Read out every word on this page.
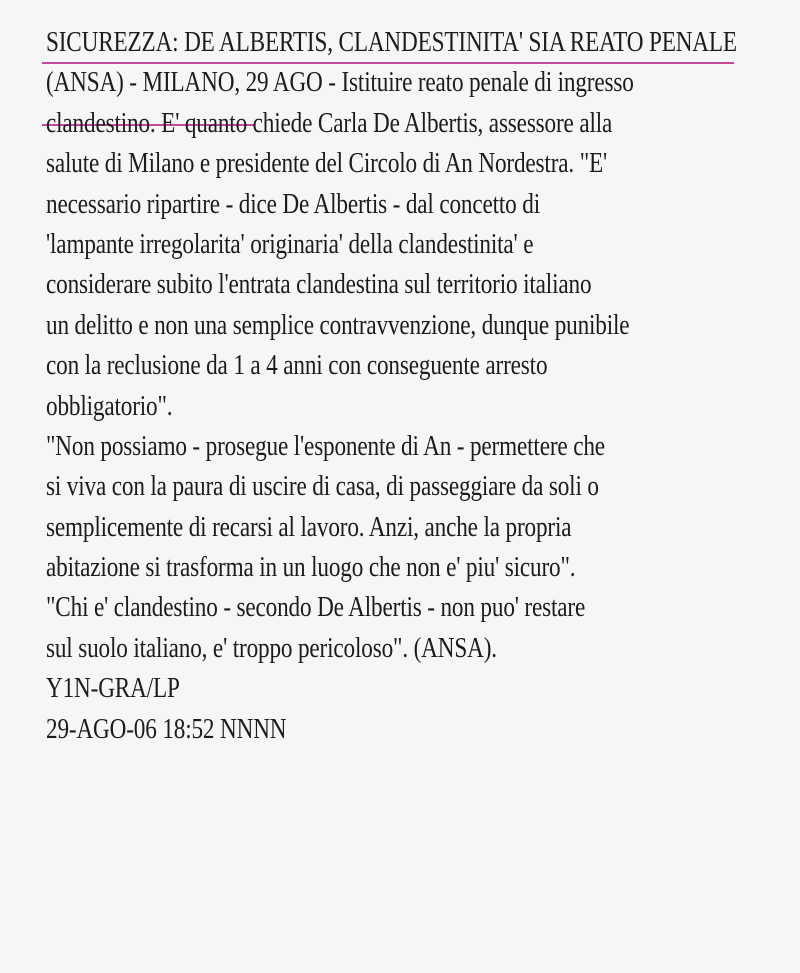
SICUREZZA: DE ALBERTIS, CLANDESTINITA' SIA REATO PENALE
(ANSA) - MILANO, 29 AGO - Istituire reato penale di ingresso
clandestino. E' quanto chiede Carla De Albertis, assessore alla
salute di Milano e presidente del Circolo di An Nordestra. "E'
necessario ripartire - dice De Albertis - dal concetto di
'lampante irregolarita' originaria' della clandestinita' e
considerare subito l'entrata clandestina sul territorio italiano
un delitto e non una semplice contravvenzione, dunque punibile
con la reclusione da 1 a 4 anni con conseguente arresto
obbligatorio".
"Non possiamo - prosegue l'esponente di An - permettere che
si viva con la paura di uscire di casa, di passeggiare da soli o
semplicemente di recarsi al lavoro. Anzi, anche la propria
abitazione si trasforma in un luogo che non e' piu' sicuro".
"Chi e' clandestino - secondo De Albertis - non puo' restare
sul suolo italiano, e' troppo pericoloso". (ANSA).
Y1N-GRA/LP
29-AGO-06 18:52 NNNN
